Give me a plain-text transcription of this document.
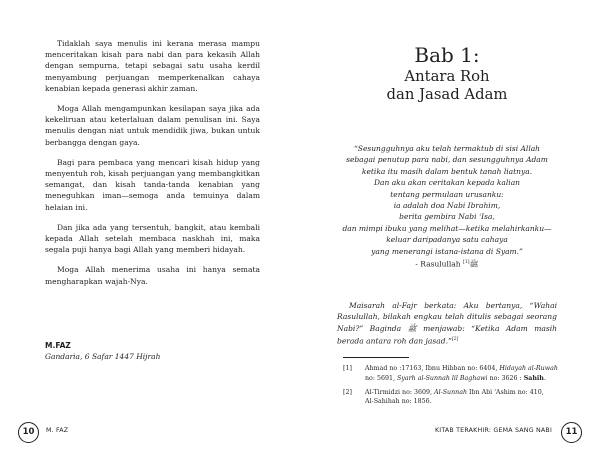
Tidaklah saya menulis ini kerana merasa mampu menceritakan kisah para nabi dan para kekasih Allah dengan sempurna, tetapi sebagai satu usaha kerdil menyambung perjuangan memperkenalkan cahaya kenabian kepada generasi akhir zaman.

Moga Allah mengampunkan kesilapan saya jika ada kekeliruan atau keterlaluan dalam penulisan ini. Saya menulis dengan niat untuk mendidik jiwa, bukan untuk berbangga dengan gaya.

Bagi para pembaca yang mencari kisah hidup yang menyentuh roh, kisah perjuangan yang membangkitkan semangat, dan kisah tanda-tanda kenabian yang meneguhkan iman—semoga anda temuinya dalam helaian ini.

Dan jika ada yang tersentuh, bangkit, atau kembali kepada Allah setelah membaca naskhah ini, maka segala puji hanya bagi Allah yang memberi hidayah.

Moga Allah menerima usaha ini hanya semata mengharapkan wajah-Nya.

M.FAZ
Gandaria, 6 Safar 1447 Hijrah
10	M. FAZ
Bab 1:
Antara Roh
dan Jasad Adam
“Sesungguhnya aku telah termaktub di sisi Allah
sebagai penutup para nabi, dan sesungguhnya Adam
ketika itu masih dalam bentuk tanah liatnya.
Dan aku akan ceritakan kepada kalian
tentang permulaan urusanku:
ia adalah doa Nabi Ibrahim,
berita gembira Nabi ʿIsa,
dan mimpi ibuku yang melihat—ketika melahirkanku—
keluar daripadanya satu cahaya
yang menerangi istana-istana di Syam.”
- Rasulullah ﷺ[1]

Maisarah al-Fajr berkata: Aku bertanya, “Wahai Rasulullah, bilakah engkau telah ditulis sebagai seorang Nabi?” Baginda ﷺ menjawab: “Ketika Adam masih berada antara roh dan jasad.”[2]

[1] Ahmad no :17163, Ibnu Hibban no: 6404, Hidayah al-Ruwah no: 5691, Syarh al-Sunnah lil Baghawi no: 3626 : Sahih.
[2] Al-Tirmidzi no: 3609, Al-Sunnah Ibn Abi 'Ashim no: 410,
Al-Sahihah no: 1856.
KITAB TERAKHIR: GEMA SANG NABI	11
